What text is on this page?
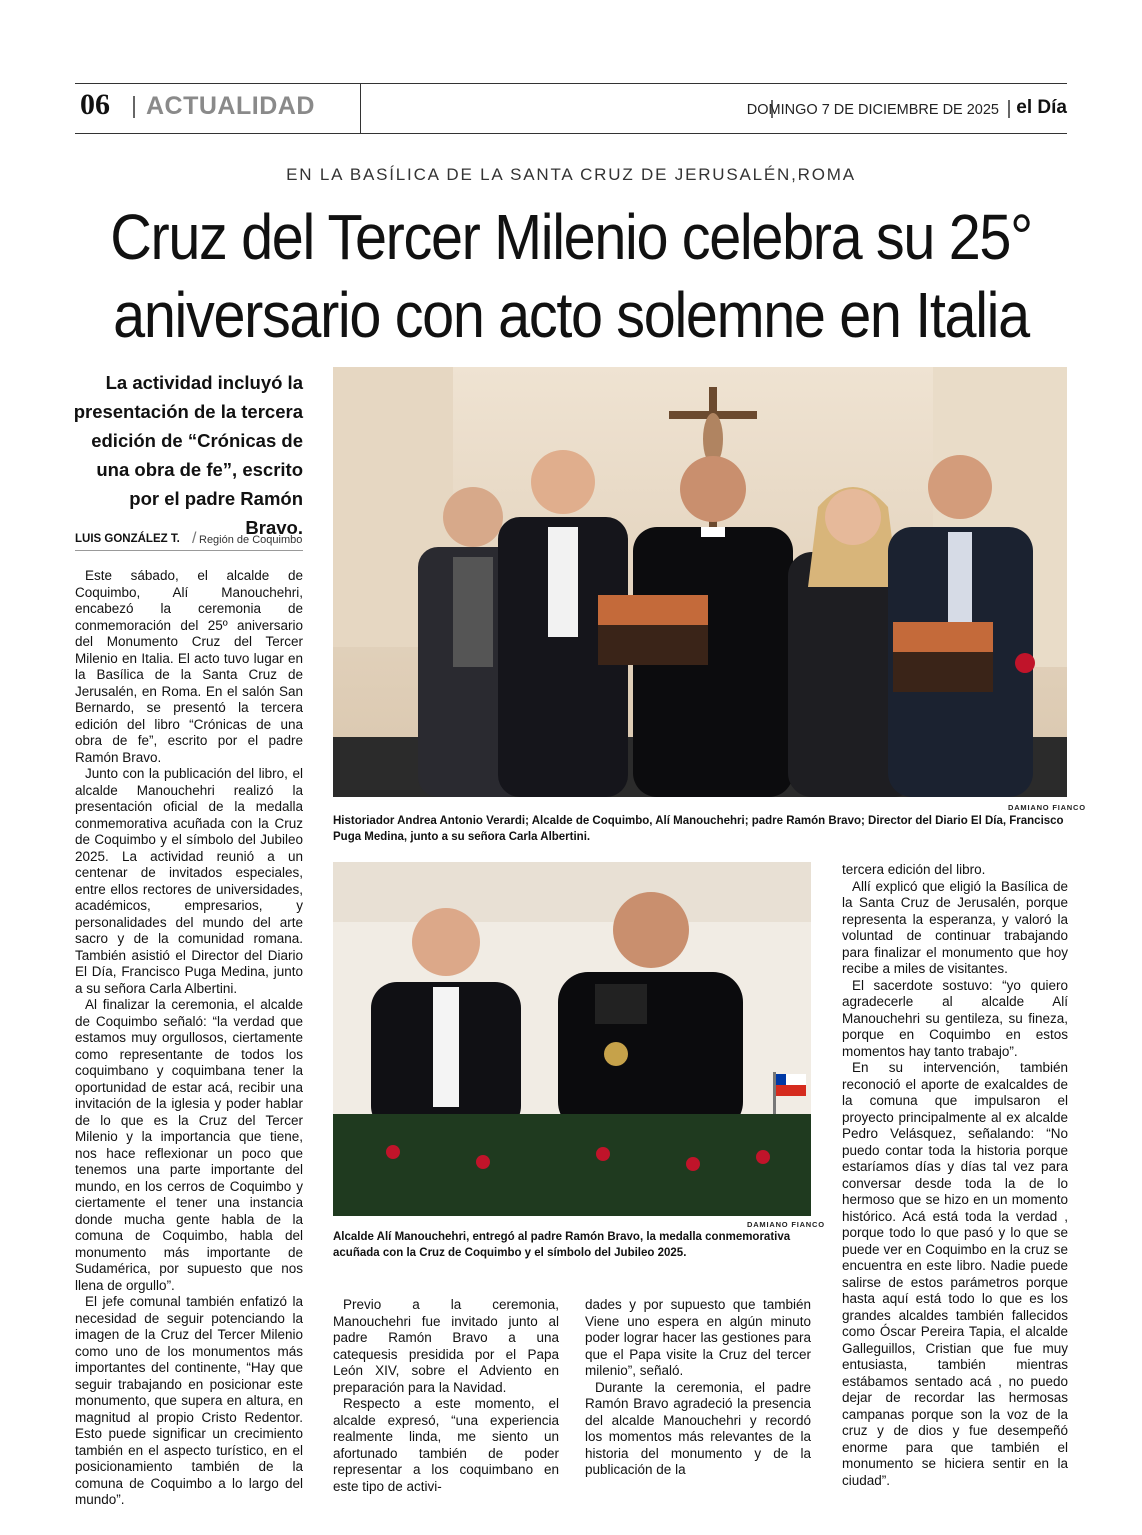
06 ACTUALIDAD	DOMINGO 7 DE DICIEMBRE DE 2025 el Día
EN LA BASÍLICA DE LA SANTA CRUZ DE JERUSALÉN,ROMA
Cruz del Tercer Milenio celebra su 25°
aniversario con acto solemne en Italia
La actividad incluyó la
presentación de la tercera
edición de “Crónicas de
una obra de fe”, escrito
por el padre Ramón Bravo.
LUIS GONZÁLEZ T. / Región de Coquimbo

Este sábado, el alcalde de Coquimbo, Alí Manouchehri, encabezó la ceremonia de conmemoración del 25º aniversario del Monumento Cruz del Tercer Milenio en Italia. El acto tuvo lugar en la Basílica de la Santa Cruz de Jerusalén, en Roma. En el salón San Bernardo, se presentó la tercera edición del libro “Crónicas de una obra de fe”, escrito por el padre Ramón Bravo.

Junto con la publicación del libro, el alcalde Manouchehri realizó la presentación oficial de la medalla conmemorativa acuñada con la Cruz de Coquimbo y el símbolo del Jubileo 2025. La actividad reunió a un centenar de invitados especiales, entre ellos rectores de universidades, académicos, empresarios, y personalidades del mundo del arte sacro y de la comunidad romana. También asistió el Director del Diario El Día, Francisco Puga Medina, junto a su señora Carla Albertini.

Al finalizar la ceremonia, el alcalde de Coquimbo señaló: “la verdad que estamos muy orgullosos, ciertamente como representante de todos los coquimbano y coquimbana tener la oportunidad de estar acá, recibir una invitación de la iglesia y poder hablar de lo que es la Cruz del Tercer Milenio y la importancia que tiene, nos hace reflexionar un poco que tenemos una parte importante del mundo, en los cerros de Coquimbo y ciertamente el tener una instancia donde mucha gente habla de la comuna de Coquimbo, habla del monumento más importante de Sudamérica, por supuesto que nos llena de orgullo”.

El jefe comunal también enfatizó la necesidad de seguir potenciando la imagen de la Cruz del Tercer Milenio como uno de los monumentos más importantes del continente, “Hay que seguir trabajando en posicionar este monumento, que supera en altura, en magnitud al propio Cristo Redentor. Esto puede significar un crecimiento también en el aspecto turístico, en el posicionamiento también de la comuna de Coquimbo a lo largo del mundo”.

DAMIANO FIANCO
Historiador Andrea Antonio Verardi; Alcalde de Coquimbo, Alí Manouchehri; padre Ramón Bravo; Director del Diario El Día, Francisco Puga Medina, junto a su señora Carla Albertini.
DAMIANO FIANCO
Alcalde Alí Manouchehri, entregó al padre Ramón Bravo, la medalla conmemorativa acuñada con la Cruz de Coquimbo y el símbolo del Jubileo 2025.

Previo a la ceremonia, Manouchehri fue invitado junto al padre Ramón Bravo a una catequesis presidida por el Papa León XIV, sobre el Adviento en preparación para la Navidad.

Respecto a este momento, el alcalde expresó, “una experiencia realmente linda, me siento un afortunado también de poder representar a los coquimbano en este tipo de activi-

dades y por supuesto que también Viene uno espera en algún minuto poder lograr hacer las gestiones para que el Papa visite la Cruz del tercer milenio”, señaló.

Durante la ceremonia, el padre Ramón Bravo agradeció la presencia del alcalde Manouchehri y recordó los momentos más relevantes de la historia del monumento y de la publicación de la

tercera edición del libro.

Allí explicó que eligió la Basílica de la Santa Cruz de Jerusalén, porque representa la esperanza, y valoró la voluntad de continuar trabajando para finalizar el monumento que hoy recibe a miles de visitantes.

El sacerdote sostuvo: “yo quiero agradecerle al alcalde Alí Manouchehri su gentileza, su fineza, porque en Coquimbo en estos momentos hay tanto trabajo”.

En su intervención, también reconoció el aporte de exalcaldes de la comuna que impulsaron el proyecto principalmente al ex alcalde Pedro Velásquez, señalando: “No puedo contar toda la historia porque estaríamos días y días tal vez para conversar desde toda la de lo hermoso que se hizo en un momento histórico. Acá está toda la verdad , porque todo lo que pasó y lo que se puede ver en Coquimbo en la cruz se encuentra en este libro. Nadie puede salirse de estos parámetros porque hasta aquí está todo lo que es los grandes alcaldes también fallecidos como Óscar Pereira Tapia, el alcalde Galleguillos, Cristian que fue muy entusiasta, también mientras estábamos sentado acá , no puedo dejar de recordar las hermosas campanas porque son la voz de la cruz y de dios y fue desempeñó enorme para que también el monumento se hiciera sentir en la ciudad”.
